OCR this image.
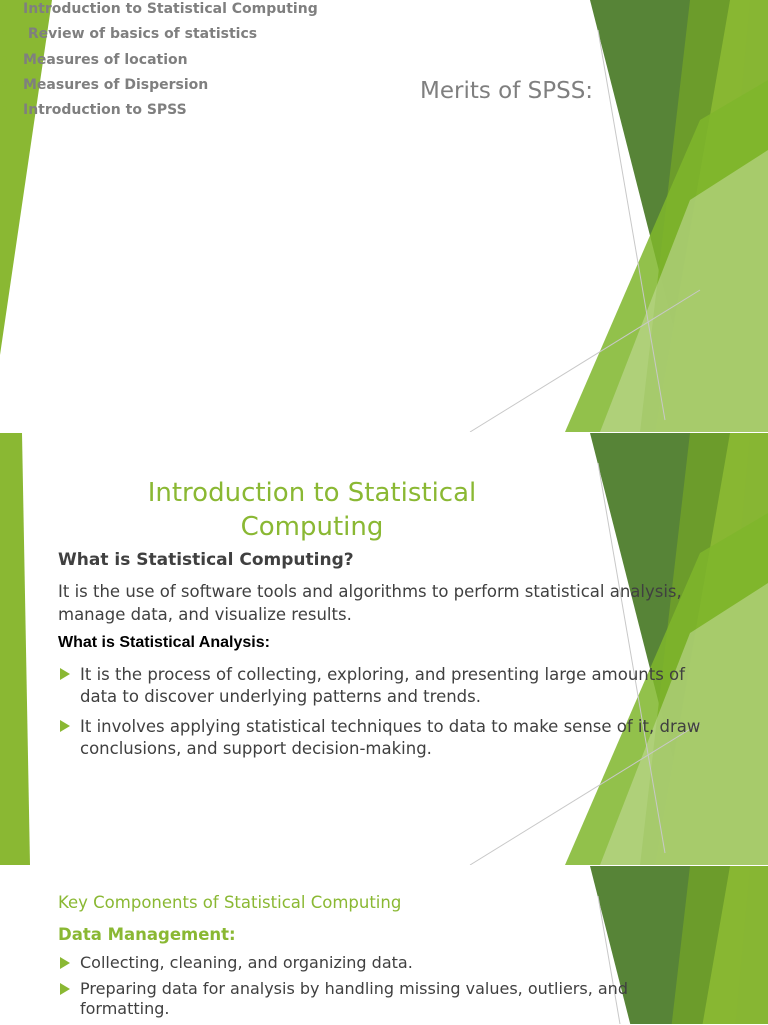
Merits of SPSS:
• Introduction to Statistical Computing
• Review of basics of statistics
• Measures of location
• Measures of Dispersion
• Introduction to SPSS
Introduction to Statistical Computing
What is Statistical Computing?
It is the use of software tools and algorithms to perform statistical analysis, manage data, and visualize results.
What is Statistical Analysis:
It is the process of collecting, exploring, and presenting large amounts of data to discover underlying patterns and trends.
It involves applying statistical techniques to data to make sense of it, draw conclusions, and support decision-making.
Key Components of Statistical Computing
Data Management:
Collecting, cleaning, and organizing data.
Preparing data for analysis by handling missing values, outliers, and formatting.
